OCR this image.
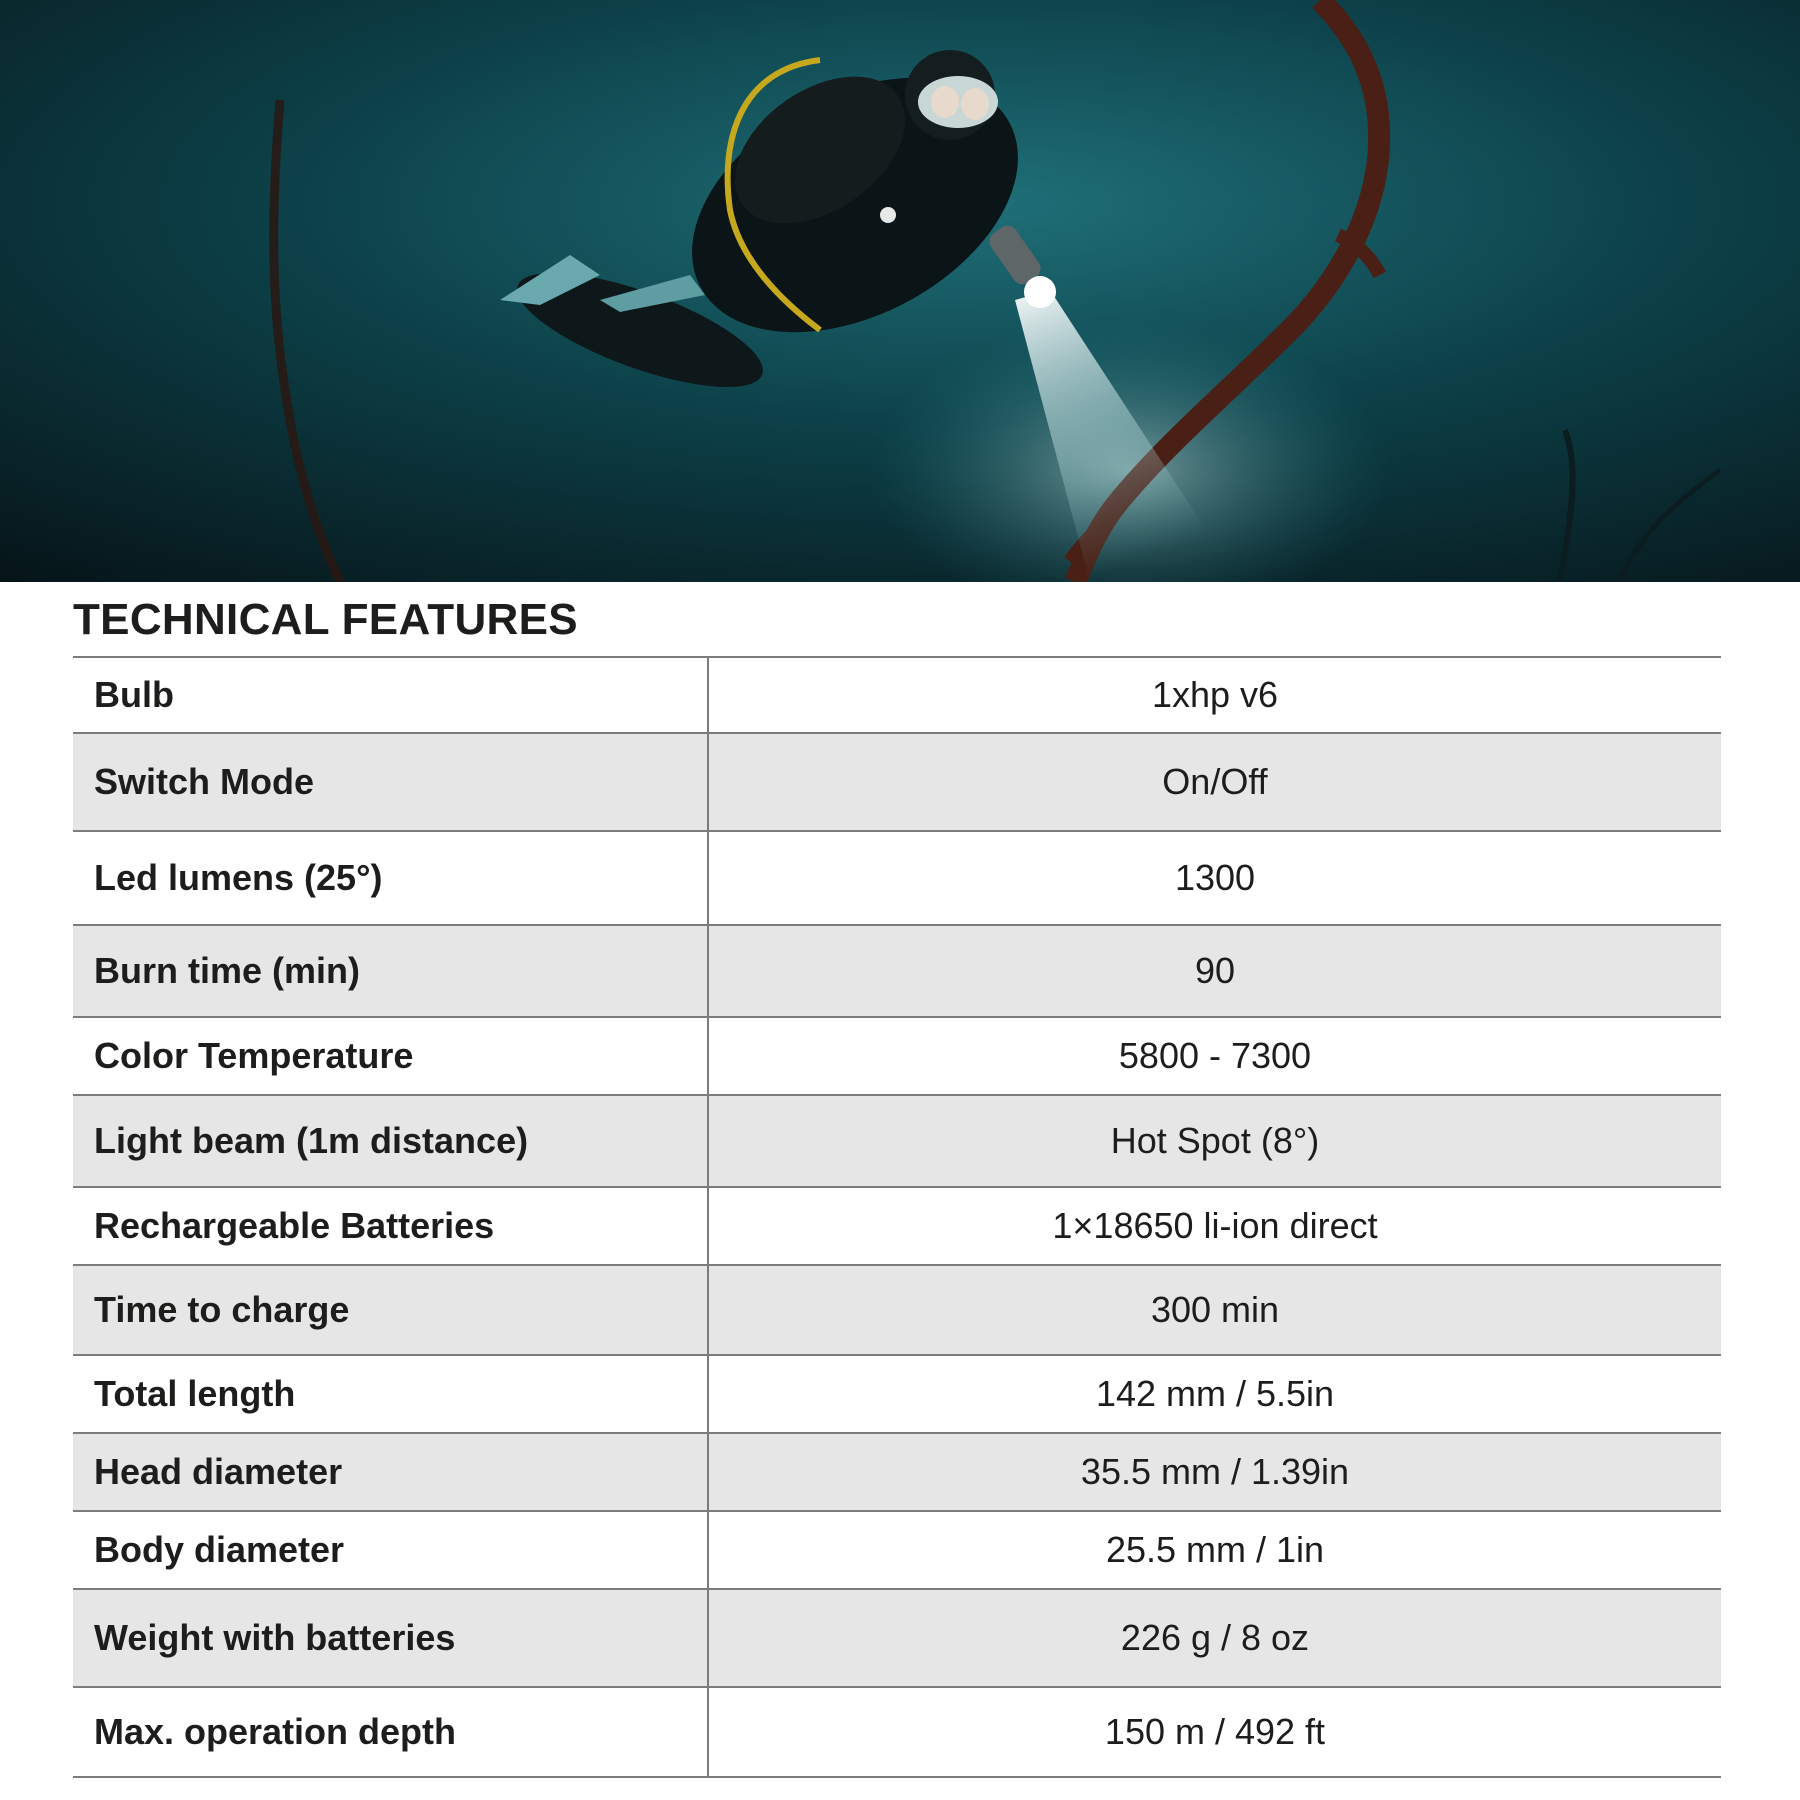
TECHNICAL FEATURES
Bulb	1xhp v6
Switch Mode	On/Off
Led lumens (25°)	1300
Burn time (min)	90
Color Temperature	5800 - 7300
Light beam (1m distance)	Hot Spot (8°)
Rechargeable Batteries	1×18650 li-ion direct
Time to charge	300 min
Total length	142 mm / 5.5in
Head diameter	35.5 mm / 1.39in
Body diameter	25.5 mm / 1in
Weight with batteries	226 g / 8 oz
Max. operation depth	150 m / 492 ft
